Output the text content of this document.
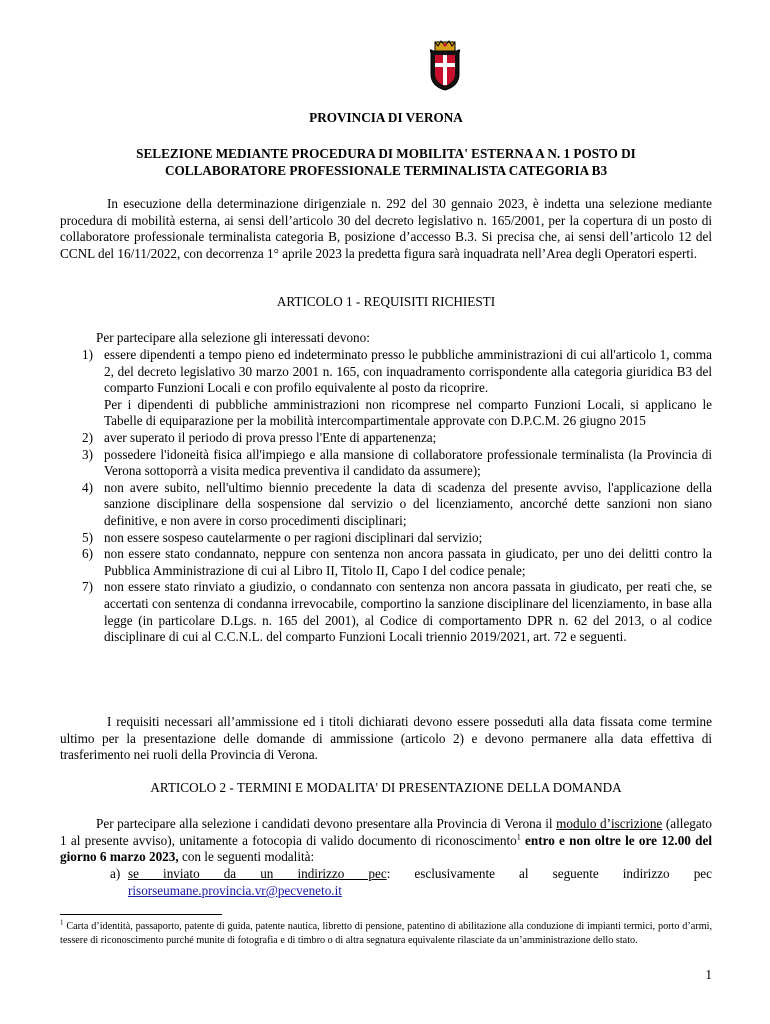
PROVINCIA DI VERONA
SELEZIONE MEDIANTE PROCEDURA DI MOBILITA' ESTERNA A N. 1 POSTO DI
COLLABORATORE PROFESSIONALE TERMINALISTA CATEGORIA B3
In esecuzione della determinazione dirigenziale n. 292 del 30 gennaio 2023, è indetta una selezione mediante procedura di mobilità esterna, ai sensi dell’articolo 30 del decreto legislativo n. 165/2001, per la copertura di un posto di collaboratore professionale terminalista categoria B, posizione d’accesso B.3. Si precisa che, ai sensi dell’articolo 12 del CCNL del 16/11/2022, con decorrenza 1° aprile 2023 la predetta figura sarà inquadrata nell’Area degli Operatori esperti.
ARTICOLO 1 - REQUISITI RICHIESTI
Per partecipare alla selezione gli interessati devono:
1) essere dipendenti a tempo pieno ed indeterminato presso le pubbliche amministrazioni di cui all'articolo 1, comma 2, del decreto legislativo 30 marzo 2001 n. 165, con inquadramento corrispondente alla categoria giuridica B3 del comparto Funzioni Locali e con profilo equivalente al posto da ricoprire.
Per i dipendenti di pubbliche amministrazioni non ricomprese nel comparto Funzioni Locali, si applicano le Tabelle di equiparazione per la mobilità intercompartimentale approvate con D.P.C.M. 26 giugno 2015
2) aver superato il periodo di prova presso l'Ente di appartenenza;
3) possedere l'idoneità fisica all'impiego e alla mansione di collaboratore professionale terminalista (la Provincia di Verona sottoporrà a visita medica preventiva il candidato da assumere);
4) non avere subito, nell'ultimo biennio precedente la data di scadenza del presente avviso, l'applicazione della sanzione disciplinare della sospensione dal servizio o del licenziamento, ancorché dette sanzioni non siano definitive, e non avere in corso procedimenti disciplinari;
5) non essere sospeso cautelarmente o per ragioni disciplinari dal servizio;
6) non essere stato condannato, neppure con sentenza non ancora passata in giudicato, per uno dei delitti contro la Pubblica Amministrazione di cui al Libro II, Titolo II, Capo I del codice penale;
7) non essere stato rinviato a giudizio, o condannato con sentenza non ancora passata in giudicato, per reati che, se accertati con sentenza di condanna irrevocabile, comportino la sanzione disciplinare del licenziamento, in base alla legge (in particolare D.Lgs. n. 165 del 2001), al Codice di comportamento DPR n. 62 del 2013, o al codice disciplinare di cui al C.C.N.L. del comparto Funzioni Locali triennio 2019/2021, art. 72 e seguenti.
I requisiti necessari all’ammissione ed i titoli dichiarati devono essere posseduti alla data fissata come termine ultimo per la presentazione delle domande di ammissione (articolo 2) e devono permanere alla data effettiva di trasferimento nei ruoli della Provincia di Verona.
ARTICOLO 2 - TERMINI E MODALITA' DI PRESENTAZIONE DELLA DOMANDA
Per partecipare alla selezione i candidati devono presentare alla Provincia di Verona il modulo d’iscrizione (allegato 1 al presente avviso), unitamente a fotocopia di valido documento di riconoscimento$^1$ entro e non oltre le ore 12.00 del giorno 6 marzo 2023, con le seguenti modalità:
a) se inviato da un indirizzo pec: esclusivamente al seguente indirizzo pec
risorseumane.provincia.vr@pecveneto.it
$^1$ Carta d’identità, passaporto, patente di guida, patente nautica, libretto di pensione, patentino di abilitazione alla conduzione di impianti termici, porto d’armi, tessere di riconoscimento purché munite di fotografia e di timbro o di altra segnatura equivalente rilasciate da un’amministrazione dello stato.
1
